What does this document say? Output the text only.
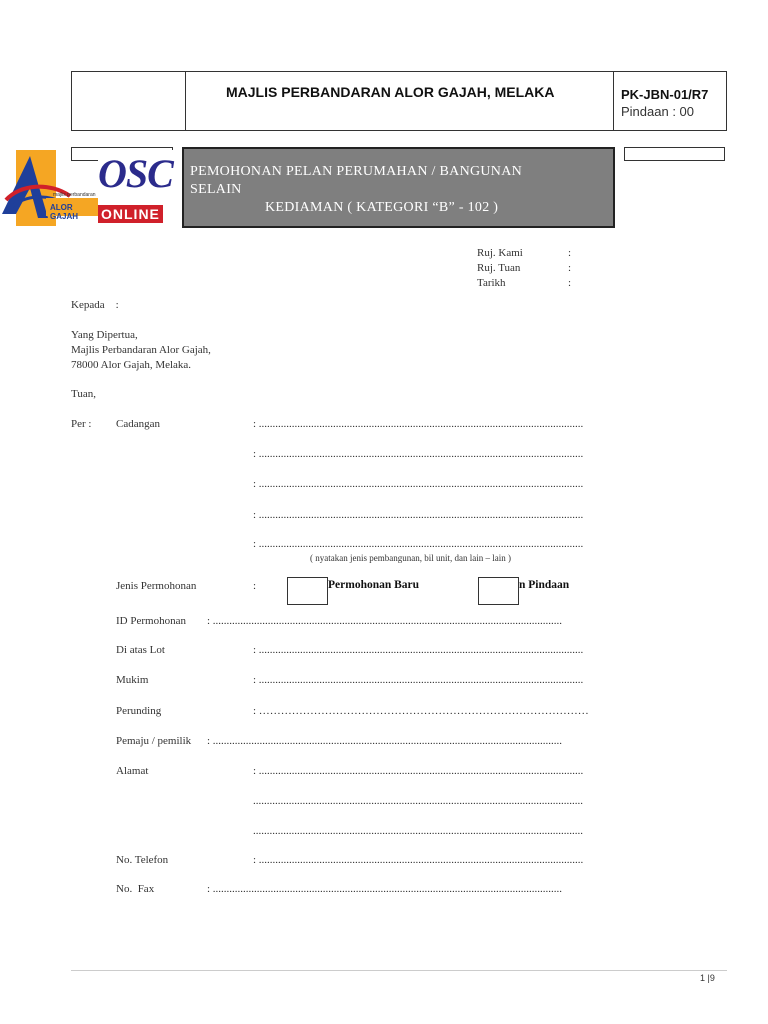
MAJLIS PERBANDARAN ALOR GAJAH, MELAKA	PK-JBN-01/R7
Pindaan : 00
majlis perbandaran
ALOR GAJAH
OSC
ONLINE
PEMOHONAN PELAN PERUMAHAN / BANGUNAN
SELAIN
KEDIAMAN ( KATEGORI “B” - 102 )
Ruj. Kami	:
Ruj. Tuan	:
Tarikh	:
Kepada    :
Yang Dipertua,
Majlis Perbandaran Alor Gajah,
78000 Alor Gajah, Melaka.
Tuan,
Per : Cadangan	: ......................................................................................................................
: ......................................................................................................................
: ......................................................................................................................
: ......................................................................................................................
: ......................................................................................................................
( nyatakan jenis pembangunan, bil unit, dan lain – lain )
Jenis Permohonan	:	Permohonan Baru	n Pindaan
ID Permohonan : ...............................................................................................................................
Di atas Lot	: ......................................................................................................................
Mukim	: ......................................................................................................................
Perunding	: ………………………………………………………………………………
Pemaju / pemilik : ...............................................................................................................................
Alamat	: ......................................................................................................................
........................................................................................................................
........................................................................................................................
No. Telefon	: ......................................................................................................................
No.  Fax	: ...............................................................................................................................
1 |9
